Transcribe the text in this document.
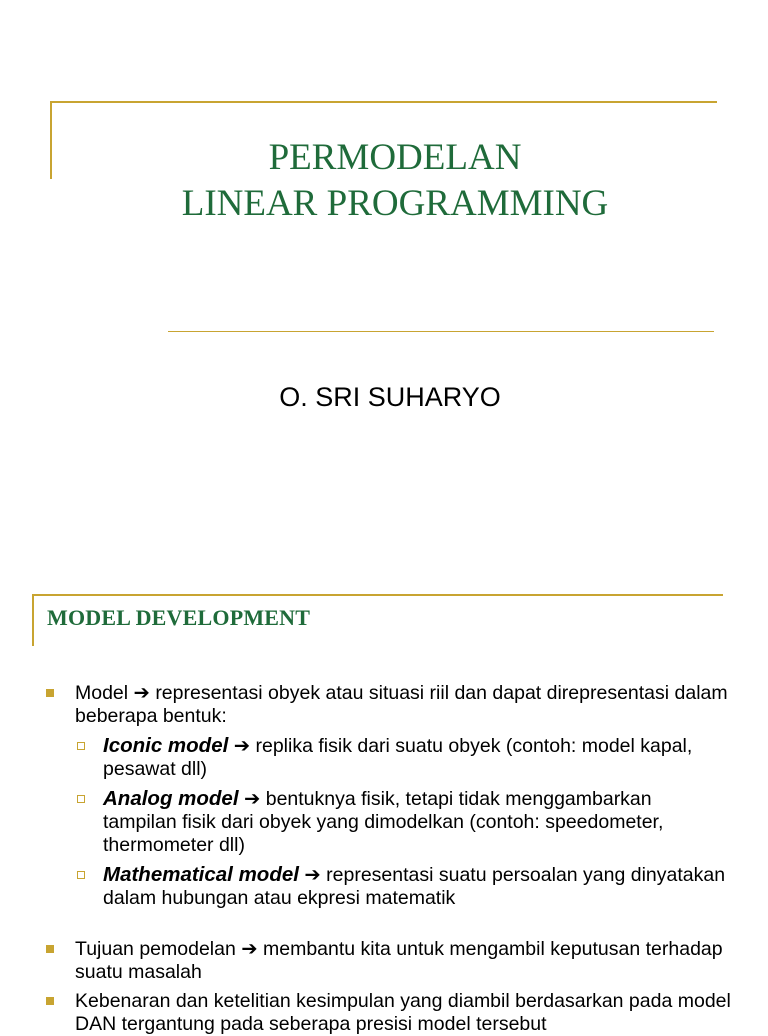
PERMODELAN
LINEAR PROGRAMMING
O. SRI SUHARYO
MODEL DEVELOPMENT
Model ➔ representasi obyek atau situasi riil dan dapat direpresentasi dalam beberapa bentuk:
Iconic model ➔ replika fisik dari suatu obyek (contoh: model kapal, pesawat dll)
Analog model ➔ bentuknya fisik, tetapi tidak menggambarkan tampilan fisik dari obyek yang dimodelkan (contoh: speedometer, thermometer dll)
Mathematical model ➔ representasi suatu persoalan yang dinyatakan dalam hubungan atau ekpresi matematik
Tujuan pemodelan ➔ membantu kita untuk mengambil keputusan terhadap suatu masalah
Kebenaran dan ketelitian kesimpulan yang diambil berdasarkan pada model DAN tergantung pada seberapa presisi model tersebut
